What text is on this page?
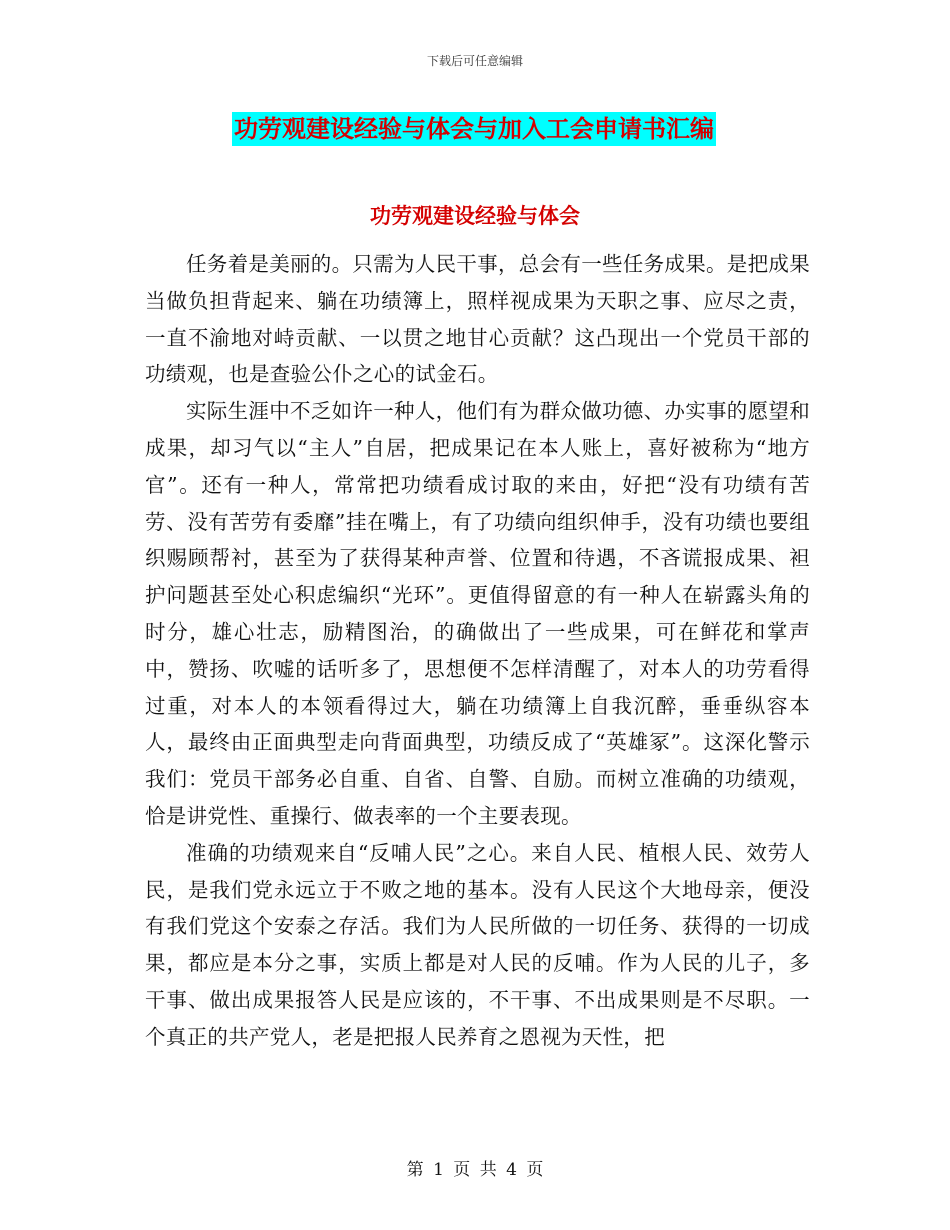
下载后可任意编辑
功劳观建设经验与体会与加入工会申请书汇编
功劳观建设经验与体会

任务着是美丽的。只需为人民干事，总会有一些任务成果。是把成果当做负担背起来、躺在功绩簿上，照样视成果为天职之事、应尽之责，一直不渝地对峙贡献、一以贯之地甘心贡献？这凸现出一个党员干部的功绩观，也是查验公仆之心的试金石。

实际生涯中不乏如许一种人，他们有为群众做功德、办实事的愿望和成果，却习气以“主人”自居，把成果记在本人账上，喜好被称为“地方官”。还有一种人，常常把功绩看成讨取的来由，好把“没有功绩有苦劳、没有苦劳有委靡”挂在嘴上，有了功绩向组织伸手，没有功绩也要组织赐顾帮衬，甚至为了获得某种声誉、位置和待遇，不吝谎报成果、袒护问题甚至处心积虑编织“光环”。更值得留意的有一种人在崭露头角的时分，雄心壮志，励精图治，的确做出了一些成果，可在鲜花和掌声中，赞扬、吹嘘的话听多了，思想便不怎样清醒了，对本人的功劳看得过重，对本人的本领看得过大，躺在功绩簿上自我沉醉，垂垂纵容本人，最终由正面典型走向背面典型，功绩反成了“英雄冢”。这深化警示我们：党员干部务必自重、自省、自警、自励。而树立准确的功绩观，恰是讲党性、重操行、做表率的一个主要表现。

准确的功绩观来自“反哺人民”之心。来自人民、植根人民、效劳人民，是我们党永远立于不败之地的基本。没有人民这个大地母亲，便没有我们党这个安泰之存活。我们为人民所做的一切任务、获得的一切成果，都应是本分之事，实质上都是对人民的反哺。作为人民的儿子，多干事、做出成果报答人民是应该的，不干事、不出成果则是不尽职。一个真正的共产党人，老是把报人民养育之恩视为天性，把

第 1 页 共 4 页
